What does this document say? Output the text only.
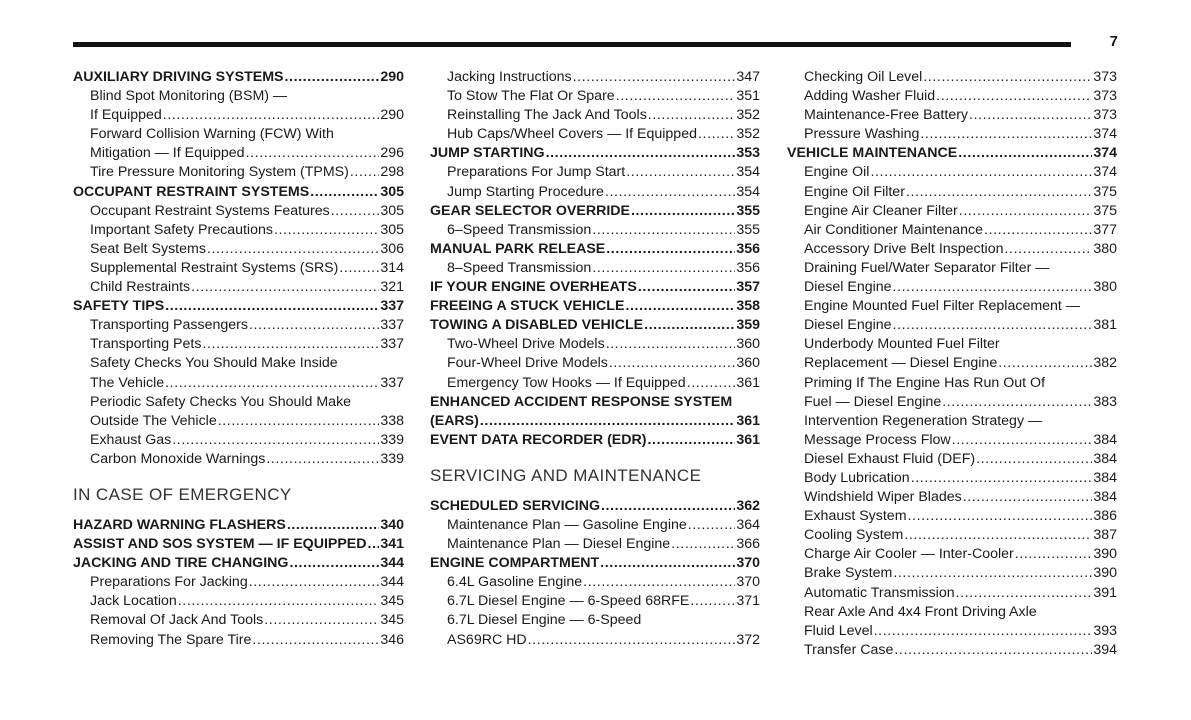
7
AUXILIARY DRIVING SYSTEMS .....	290
Blind Spot Monitoring (BSM) —
If Equipped .....	290
Forward Collision Warning (FCW) With
Mitigation — If Equipped .....	296
Tire Pressure Monitoring System (TPMS) ..... 298
OCCUPANT RESTRAINT SYSTEMS .....	305
Occupant Restraint Systems Features .....	305
Important Safety Precautions .....	305
Seat Belt Systems .....	306
Supplemental Restraint Systems (SRS) .....	314
Child Restraints .....	321
SAFETY TIPS .....	337
Transporting Passengers .....	337
Transporting Pets .....	337
Safety Checks You Should Make Inside
The Vehicle .....	337
Periodic Safety Checks You Should Make
Outside The Vehicle .....	338
Exhaust Gas .....	339
Carbon Monoxide Warnings .....	339
IN CASE OF EMERGENCY
HAZARD WARNING FLASHERS .....	340
ASSIST AND SOS SYSTEM — IF EQUIPPED ..... 341
JACKING AND TIRE CHANGING .....	344
Preparations For Jacking .....	344
Jack Location .....	345
Removal Of Jack And Tools .....	345
Removing The Spare Tire .....	346
Jacking Instructions .....	347
To Stow The Flat Or Spare .....	351
Reinstalling The Jack And Tools .....	352
Hub Caps/Wheel Covers — If Equipped .....	352
JUMP STARTING .....	353
Preparations For Jump Start .....	354
Jump Starting Procedure .....	354
GEAR SELECTOR OVERRIDE .....	355
6–Speed Transmission .....	355
MANUAL PARK RELEASE .....	356
8–Speed Transmission .....	356
IF YOUR ENGINE OVERHEATS .....	357
FREEING A STUCK VEHICLE .....	358
TOWING A DISABLED VEHICLE .....	359
Two-Wheel Drive Models .....	360
Four-Wheel Drive Models .....	360
Emergency Tow Hooks — If Equipped .....	361
ENHANCED ACCIDENT RESPONSE SYSTEM
(EARS) .....	361
EVENT DATA RECORDER (EDR) .....	361
SERVICING AND MAINTENANCE
SCHEDULED SERVICING .....	362
Maintenance Plan — Gasoline Engine .....	364
Maintenance Plan — Diesel Engine .....	366
ENGINE COMPARTMENT .....	370
6.4L Gasoline Engine .....	370
6.7L Diesel Engine — 6-Speed 68RFE .....	371
6.7L Diesel Engine — 6-Speed
AS69RC HD .....	372
Checking Oil Level .....	373
Adding Washer Fluid .....	373
Maintenance-Free Battery .....	373
Pressure Washing .....	374
VEHICLE MAINTENANCE .....	374
Engine Oil .....	374
Engine Oil Filter .....	375
Engine Air Cleaner Filter .....	375
Air Conditioner Maintenance .....	377
Accessory Drive Belt Inspection .....	380
Draining Fuel/Water Separator Filter —
Diesel Engine .....	380
Engine Mounted Fuel Filter Replacement —
Diesel Engine .....	381
Underbody Mounted Fuel Filter
Replacement — Diesel Engine .....	382
Priming If The Engine Has Run Out Of
Fuel — Diesel Engine .....	383
Intervention Regeneration Strategy —
Message Process Flow .....	384
Diesel Exhaust Fluid (DEF) .....	384
Body Lubrication .....	384
Windshield Wiper Blades .....	384
Exhaust System .....	386
Cooling System .....	387
Charge Air Cooler — Inter-Cooler .....	390
Brake System .....	390
Automatic Transmission .....	391
Rear Axle And 4x4 Front Driving Axle
Fluid Level .....	393
Transfer Case .....	394
